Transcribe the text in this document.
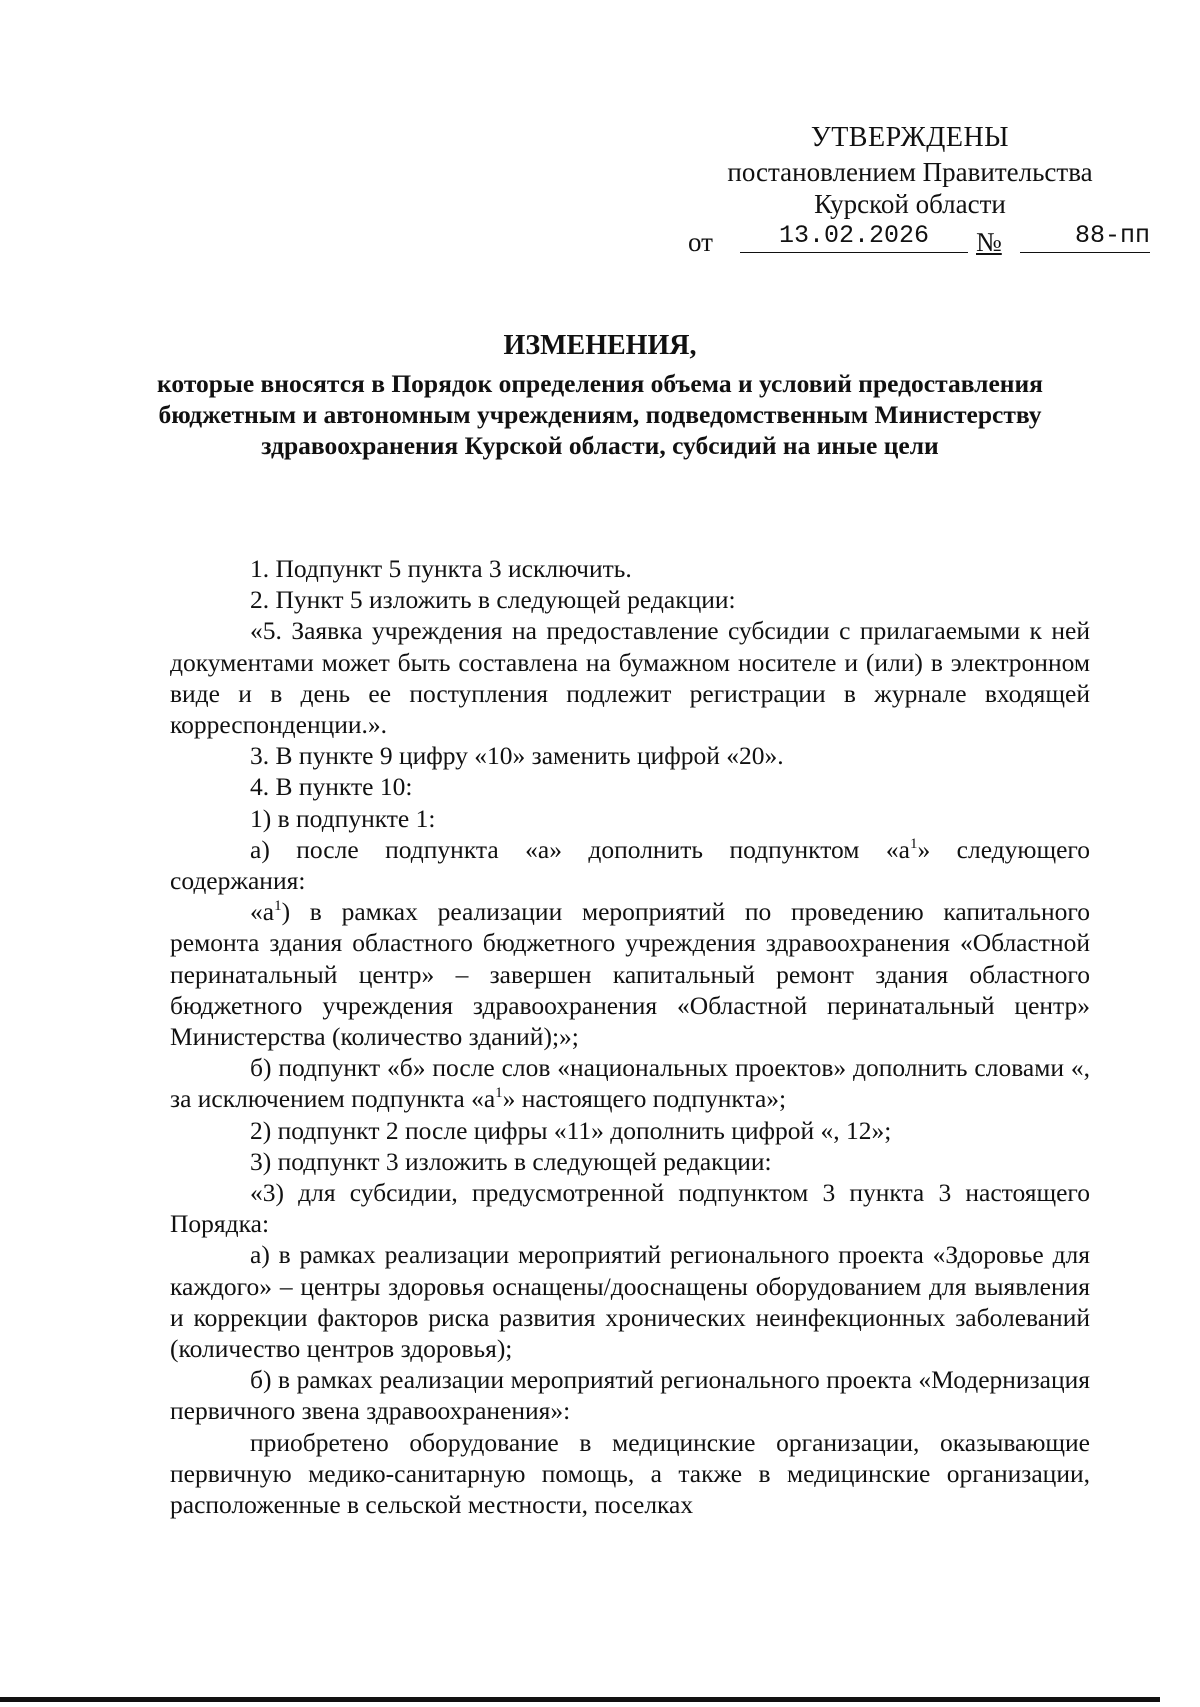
УТВЕРЖДЕНЫ
постановлением Правительства
Курской области
от	13.02.2026	№	88-пп
ИЗМЕНЕНИЯ,
которые вносятся в Порядок определения объема и условий предоставления бюджетным и автономным учреждениям, подведомственным Министерству здравоохранения Курской области, субсидий на иные цели

1. Подпункт 5 пункта 3 исключить.

2. Пункт 5 изложить в следующей редакции:

«5. Заявка учреждения на предоставление субсидии с прилагаемыми к ней документами может быть составлена на бумажном носителе и (или) в электронном виде и в день ее поступления подлежит регистрации в журнале входящей корреспонденции.».

3. В пункте 9 цифру «10» заменить цифрой «20».

4. В пункте 10:

1) в подпункте 1:

а) после подпункта «а» дополнить подпунктом «$а^1$» следующего содержания:

«$а^1$) в рамках реализации мероприятий по проведению капитального ремонта здания областного бюджетного учреждения здравоохранения «Областной перинатальный центр» – завершен капитальный ремонт здания областного бюджетного учреждения здравоохранения «Областной перинатальный центр» Министерства (количество зданий);»;

б) подпункт «б» после слов «национальных проектов» дополнить словами «, за исключением подпункта «$а^1$» настоящего подпункта»;

2) подпункт 2 после цифры «11» дополнить цифрой «, 12»;

3) подпункт 3 изложить в следующей редакции:

«3) для субсидии, предусмотренной подпунктом 3 пункта 3 настоящего Порядка:

а) в рамках реализации мероприятий регионального проекта «Здоровье для каждого» – центры здоровья оснащены/дооснащены оборудованием для выявления и коррекции факторов риска развития хронических неинфекционных заболеваний (количество центров здоровья);

б) в рамках реализации мероприятий регионального проекта «Модернизация первичного звена здравоохранения»:

приобретено оборудование в медицинские организации, оказывающие первичную медико-санитарную помощь, а также в медицинские организации, расположенные в сельской местности, поселках
